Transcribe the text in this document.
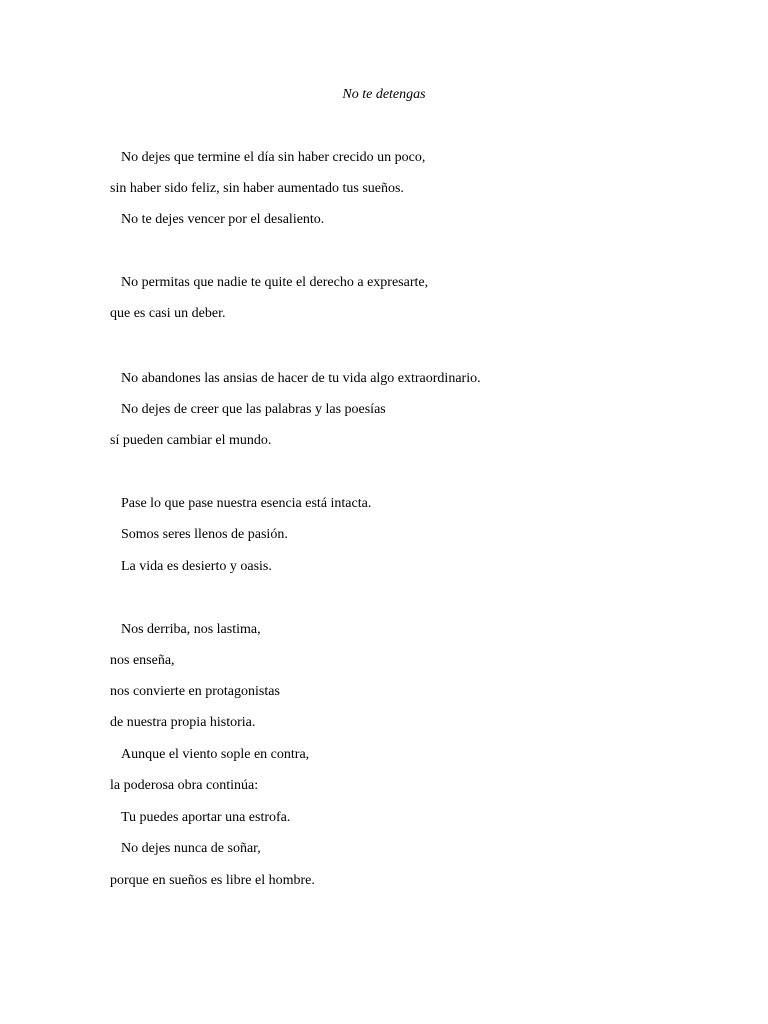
No te detengas
No dejes que termine el día sin haber crecido un poco,
sin haber sido feliz, sin haber aumentado tus sueños.
No te dejes vencer por el desaliento.
No permitas que nadie te quite el derecho a expresarte,
que es casi un deber.
No abandones las ansias de hacer de tu vida algo extraordinario.
No dejes de creer que las palabras y las poesías
sí pueden cambiar el mundo.
Pase lo que pase nuestra esencia está intacta.
Somos seres llenos de pasión.
La vida es desierto y oasis.
Nos derriba, nos lastima,
nos enseña,
nos convierte en protagonistas
de nuestra propia historia.
Aunque el viento sople en contra,
la poderosa obra continúa:
Tu puedes aportar una estrofa.
No dejes nunca de soñar,
porque en sueños es libre el hombre.
